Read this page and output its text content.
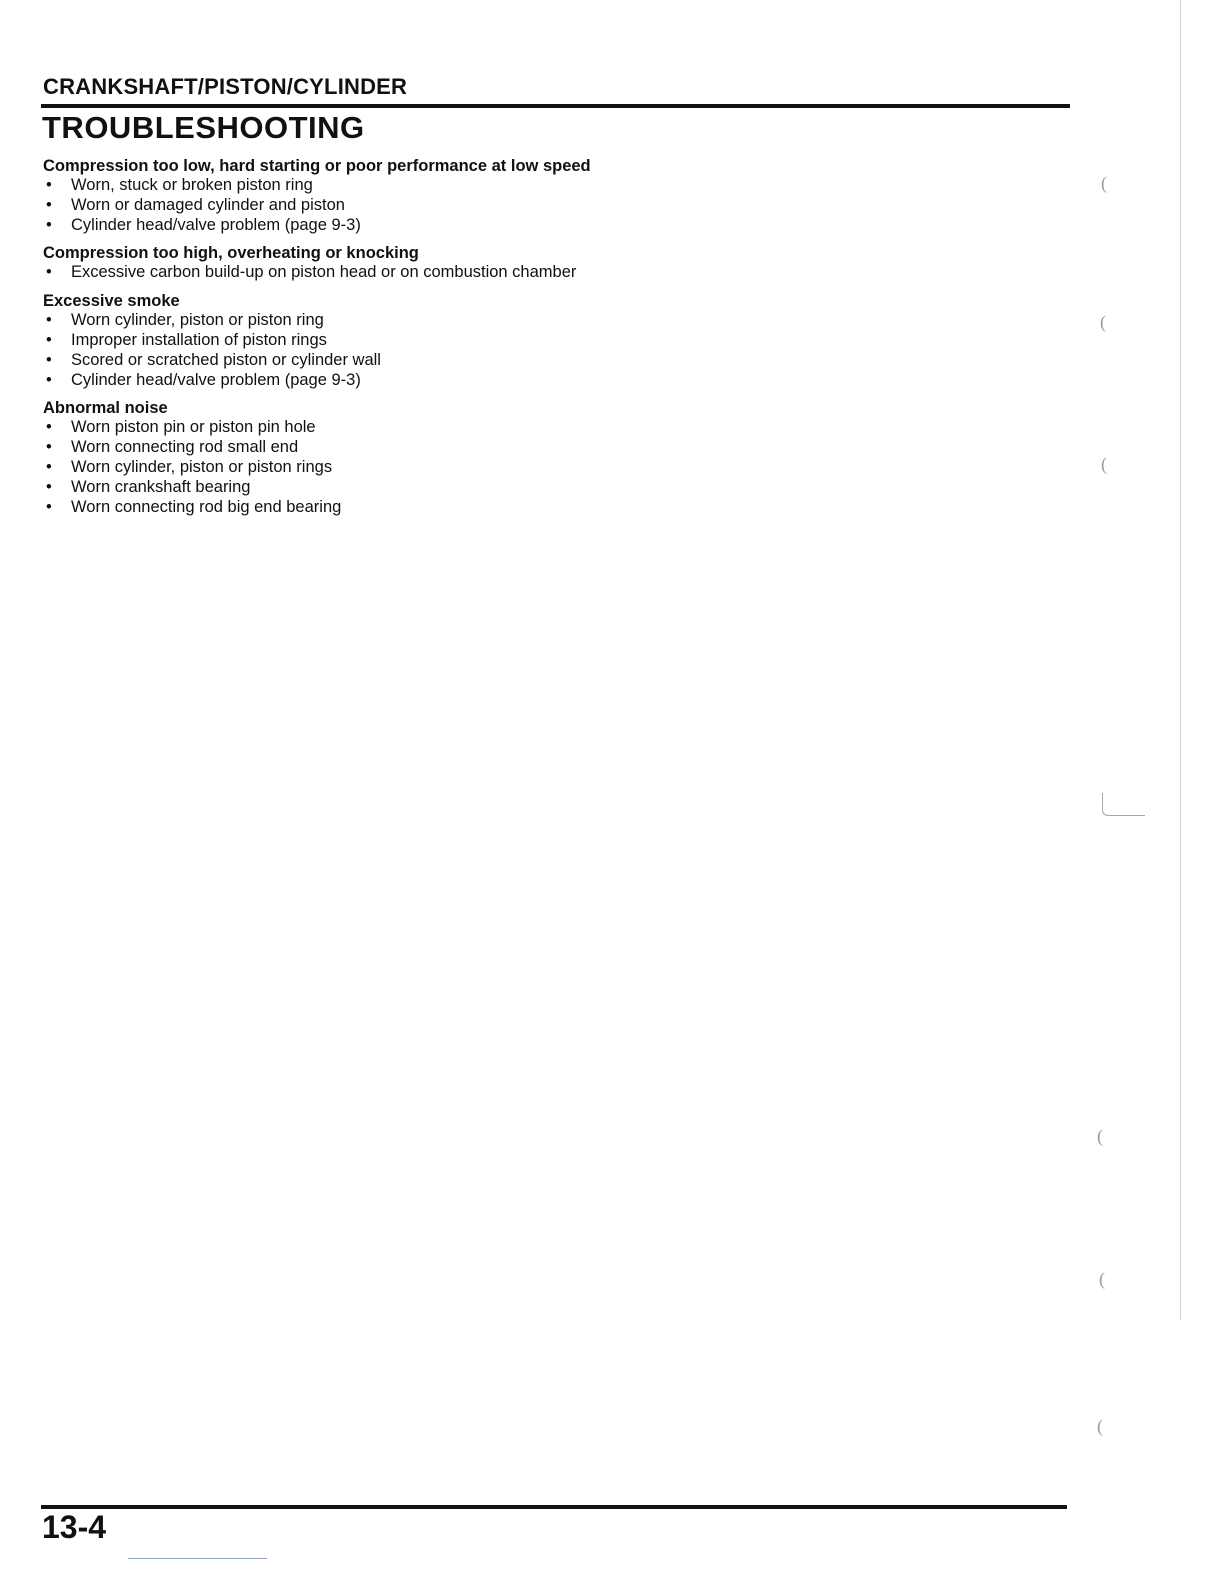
CRANKSHAFT/PISTON/CYLINDER
TROUBLESHOOTING
Compression too low, hard starting or poor performance at low speed
• Worn, stuck or broken piston ring
• Worn or damaged cylinder and piston
• Cylinder head/valve problem (page 9-3)
Compression too high, overheating or knocking
• Excessive carbon build-up on piston head or on combustion chamber
Excessive smoke
• Worn cylinder, piston or piston ring
• Improper installation of piston rings
• Scored or scratched piston or cylinder wall
• Cylinder head/valve problem (page 9-3)
Abnormal noise
• Worn piston pin or piston pin hole
• Worn connecting rod small end
• Worn cylinder, piston or piston rings
• Worn crankshaft bearing
• Worn connecting rod big end bearing
(
(
(
(
(
(
13-4
